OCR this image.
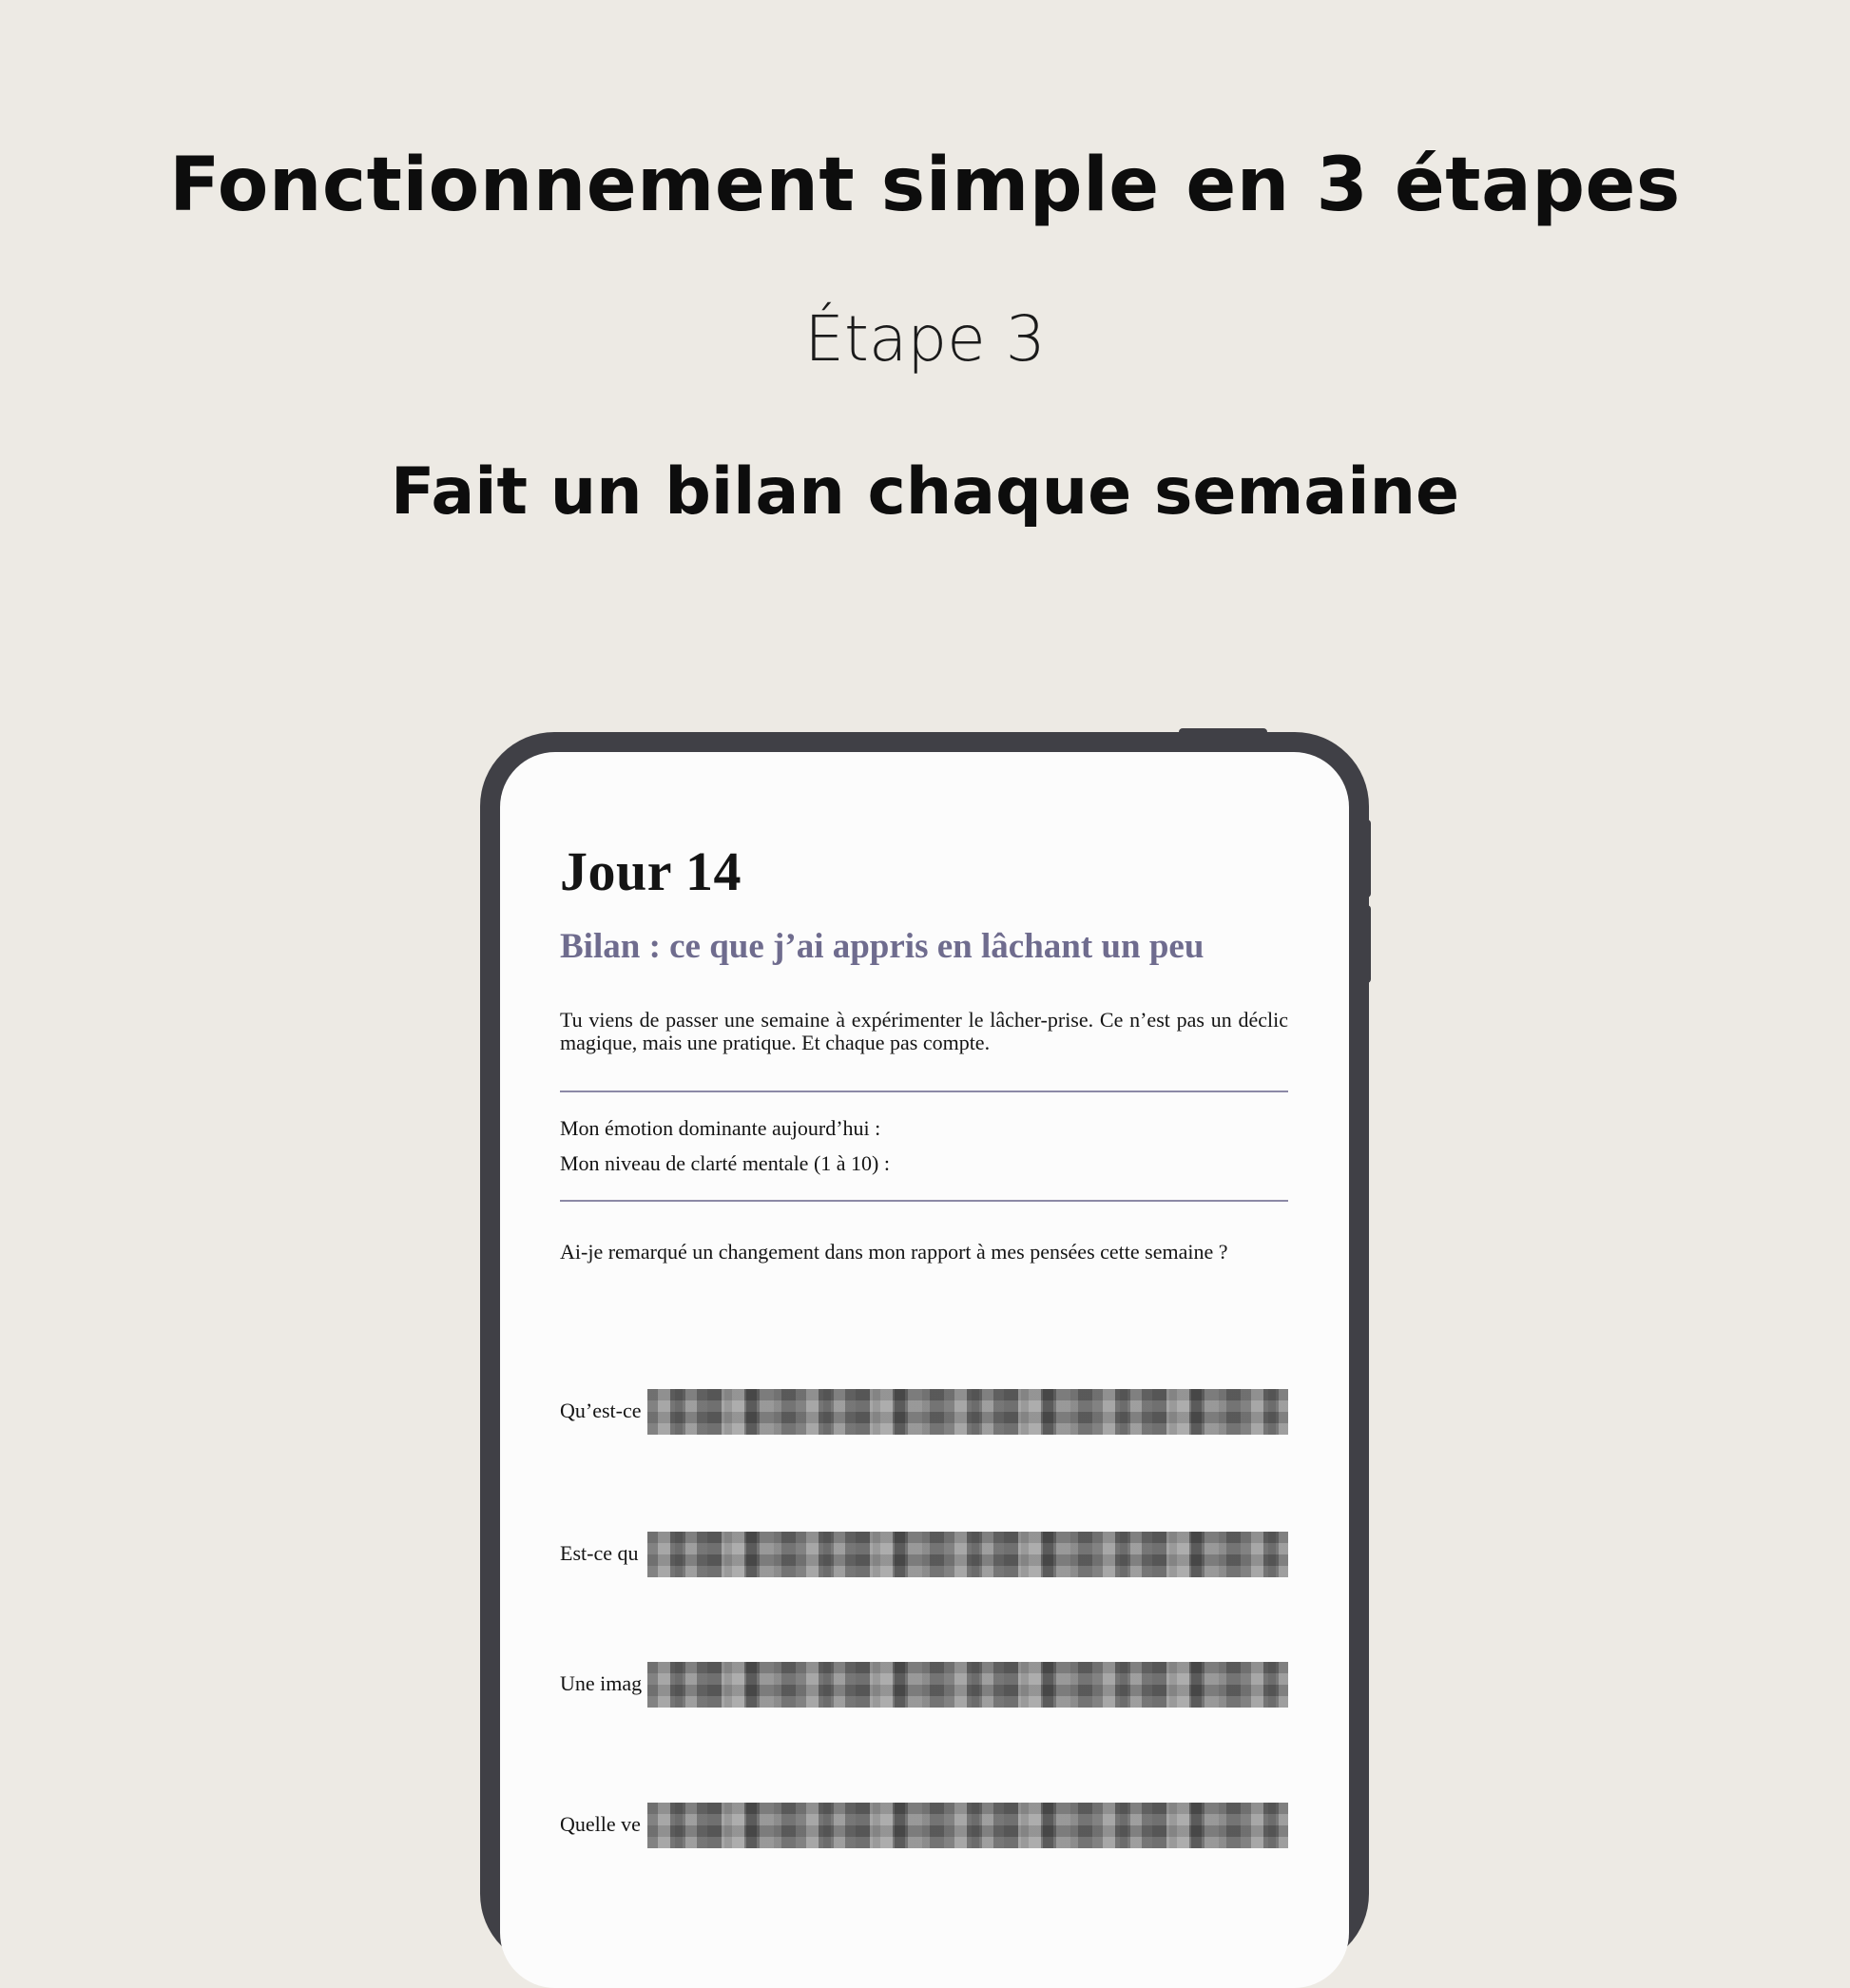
Fonctionnement simple en 3 étapes
Étape 3
Fait un bilan chaque semaine
Jour 14
Bilan : ce que j’ai appris en lâchant un peu
Tu viens de passer une semaine à expérimenter le lâcher-prise. Ce n’est pas un déclic magique, mais une pratique. Et chaque pas compte.
Mon émotion dominante aujourd’hui :
Mon niveau de clarté mentale (1 à 10) :
Ai-je remarqué un changement dans mon rapport à mes pensées cette semaine ?
Qu’est-ce
Est-ce qu
Une imag
Quelle ve
